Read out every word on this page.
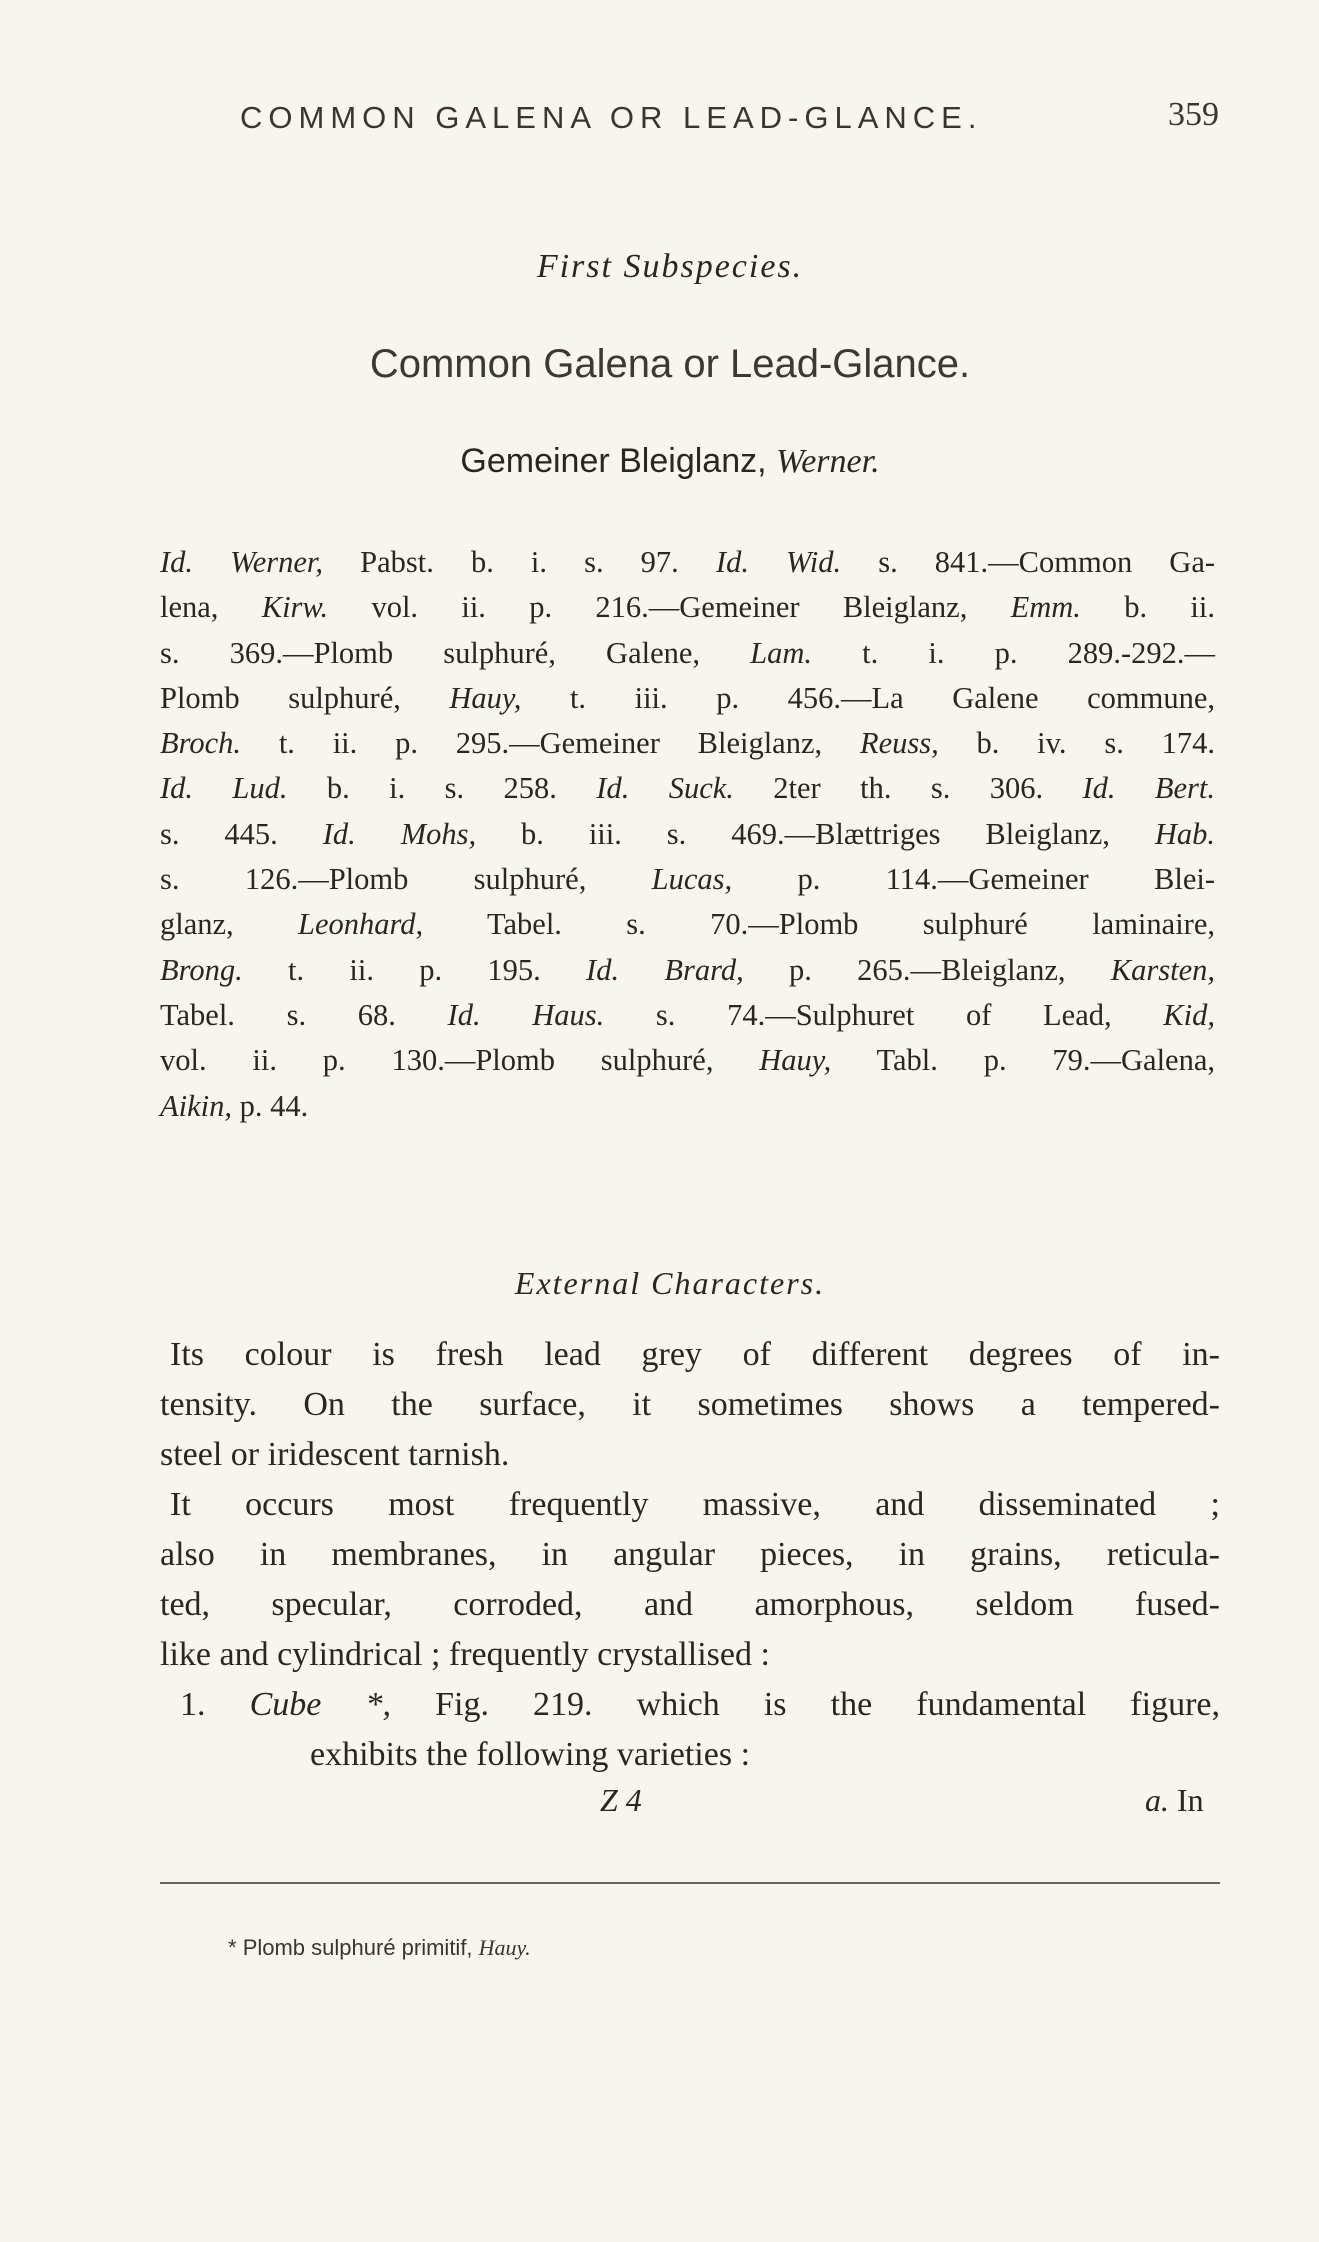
COMMON GALENA OR LEAD-GLANCE.	359
First Subspecies.
Common Galena or Lead-Glance.
Gemeiner Bleiglanz, Werner.

Id. Werner, Pabst. b. i. s. 97. Id. Wid. s. 841.—Common Ga-
lena, Kirw. vol. ii. p. 216.—Gemeiner Bleiglanz, Emm. b. ii.
s. 369.—Plomb sulphuré, Galene, Lam. t. i. p. 289.-292.—
Plomb sulphuré, Hauy, t. iii. p. 456.—La Galene commune,
Broch. t. ii. p. 295.—Gemeiner Bleiglanz, Reuss, b. iv. s. 174.
Id. Lud. b. i. s. 258. Id. Suck. 2ter th. s. 306. Id. Bert.
s. 445. Id. Mohs, b. iii. s. 469.—Blættriges Bleiglanz, Hab.
s. 126.—Plomb sulphuré, Lucas, p. 114.—Gemeiner Blei-
glanz, Leonhard, Tabel. s. 70.—Plomb sulphuré laminaire,
Brong. t. ii. p. 195. Id. Brard, p. 265.—Bleiglanz, Karsten,
Tabel. s. 68. Id. Haus. s. 74.—Sulphuret of Lead, Kid,
vol. ii. p. 130.—Plomb sulphuré, Hauy, Tabl. p. 79.—Galena,
Aikin, p. 44.

External Characters.
Its colour is fresh lead grey of different degrees of in-
tensity. On the surface, it sometimes shows a tempered-
steel or iridescent tarnish.
It occurs most frequently massive, and disseminated ;
also in membranes, in angular pieces, in grains, reticula-
ted, specular, corroded, and amorphous, seldom fused-
like and cylindrical ; frequently crystallised :
1. Cube *, Fig. 219. which is the fundamental figure,
exhibits the following varieties :
Z 4	a. In
* Plomb sulphuré primitif, Hauy.
